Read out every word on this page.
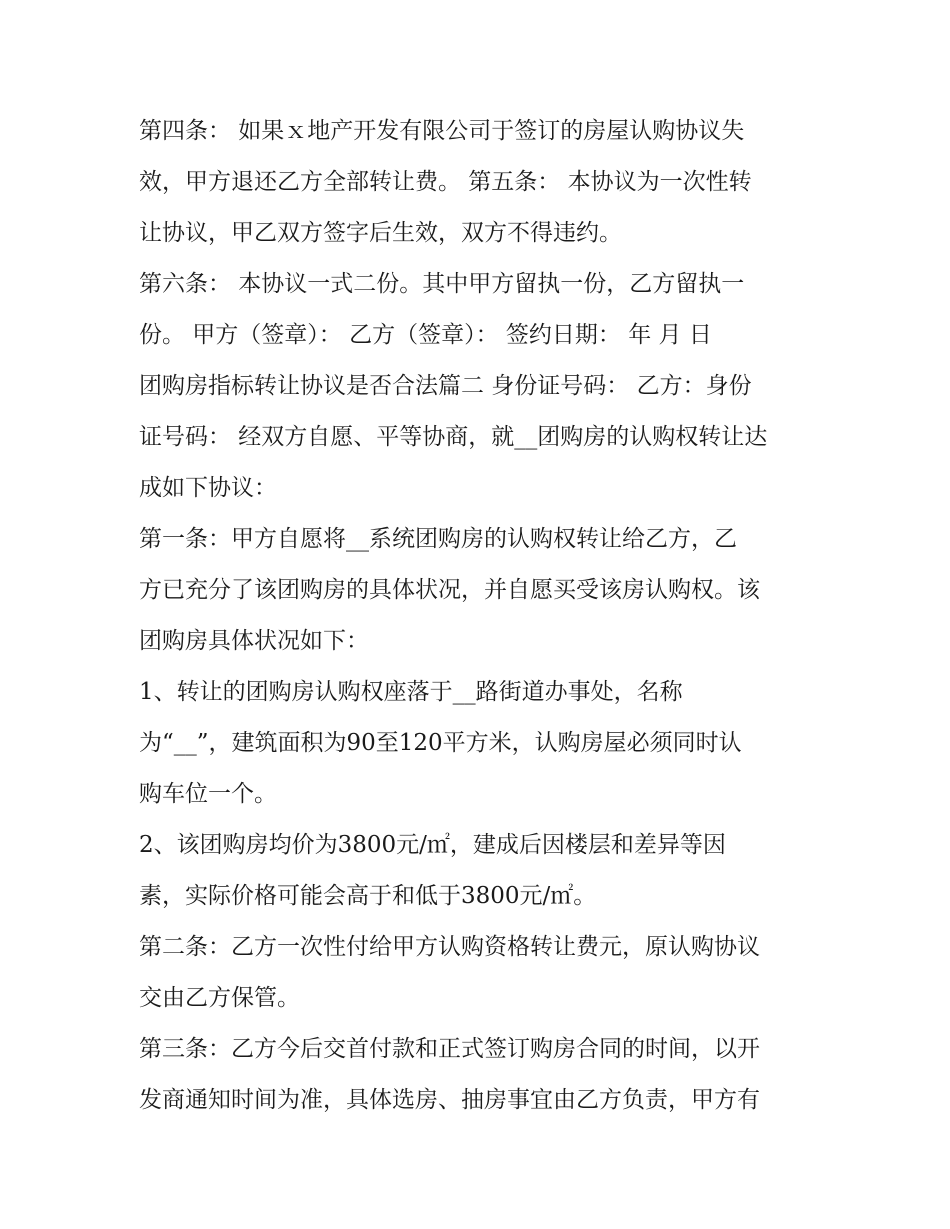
第四条： 如果ｘ地产开发有限公司于签订的房屋认购协议失
效，甲方退还乙方全部转让费。 第五条： 本协议为一次性转
让协议，甲乙双方签字后生效，双方不得违约。
第六条： 本协议一式二份。其中甲方留执一份，乙方留执一
份。 甲方（签章）： 乙方（签章）： 签约日期： 年 月 日
团购房指标转让协议是否合法篇二 身份证号码： 乙方：身份
证号码： 经双方自愿、平等协商，就__团购房的认购权转让达
成如下协议：
第一条：甲方自愿将__系统团购房的认购权转让给乙方，乙
方已充分了该团购房的具体状况，并自愿买受该房认购权。该
团购房具体状况如下：
1、转让的团购房认购权座落于__路街道办事处，名称
为“__”，建筑面积为90至120平方米，认购房屋必须同时认
购车位一个。
2、该团购房均价为3800元/㎡，建成后因楼层和差异等因
素，实际价格可能会高于和低于3800元/㎡。
第二条：乙方一次性付给甲方认购资格转让费元，原认购协议
交由乙方保管。
第三条：乙方今后交首付款和正式签订购房合同的时间，以开
发商通知时间为准，具体选房、抽房事宜由乙方负责，甲方有
